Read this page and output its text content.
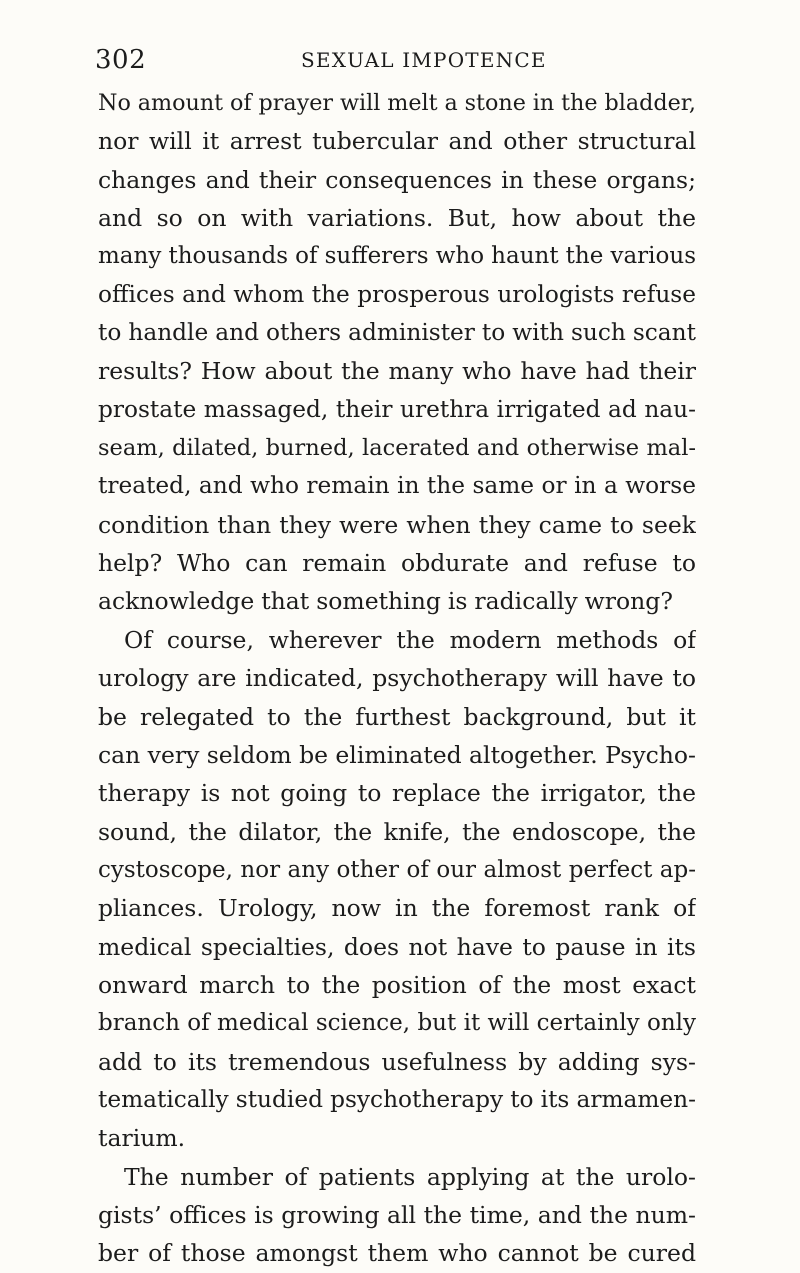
302	SEXUAL IMPOTENCE
No amount of prayer will melt a stone in the bladder,
nor will it arrest tubercular and other structural
changes and their consequences in these organs;
and so on with variations. But, how about the
many thousands of sufferers who haunt the various
offices and whom the prosperous urologists refuse
to handle and others administer to with such scant
results? How about the many who have had their
prostate massaged, their urethra irrigated ad nau-
seam, dilated, burned, lacerated and otherwise mal-
treated, and who remain in the same or in a worse
condition than they were when they came to seek
help? Who can remain obdurate and refuse to
acknowledge that something is radically wrong?
Of course, wherever the modern methods of
urology are indicated, psychotherapy will have to
be relegated to the furthest background, but it
can very seldom be eliminated altogether. Psycho-
therapy is not going to replace the irrigator, the
sound, the dilator, the knife, the endoscope, the
cystoscope, nor any other of our almost perfect ap-
pliances. Urology, now in the foremost rank of
medical specialties, does not have to pause in its
onward march to the position of the most exact
branch of medical science, but it will certainly only
add to its tremendous usefulness by adding sys-
tematically studied psychotherapy to its armamen-
tarium.
The number of patients applying at the urolo-
gists’ offices is growing all the time, and the num-
ber of those amongst them who cannot be cured
